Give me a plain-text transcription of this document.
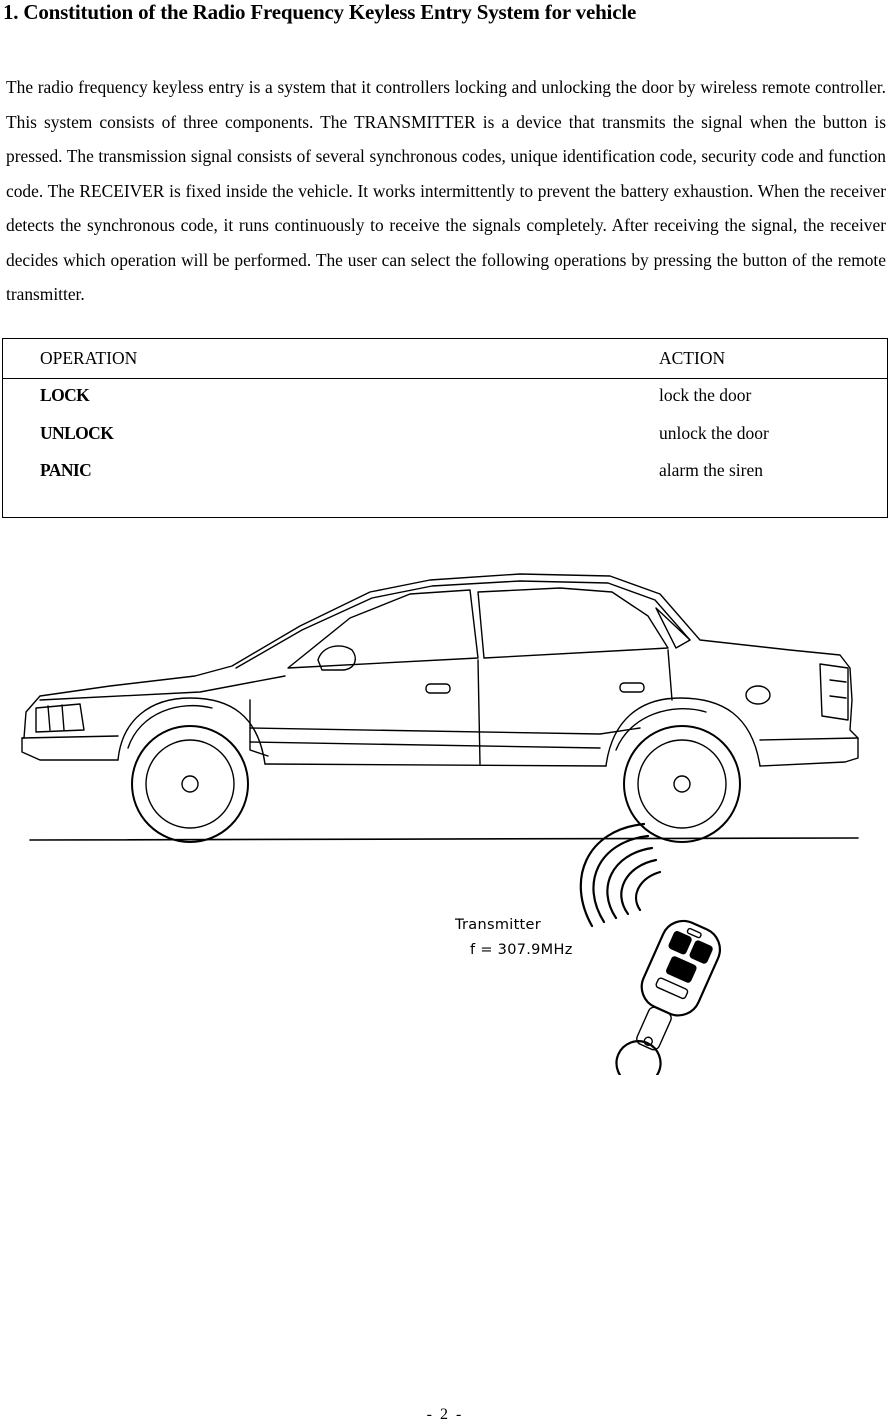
1. Constitution of the Radio Frequency Keyless Entry System for vehicle
The radio frequency keyless entry is a system that it controllers locking and unlocking the door by wireless remote controller. This system consists of three components. The TRANSMITTER is a device that transmits the signal when the button is pressed. The transmission signal consists of several synchronous codes, unique identification code, security code and function code. The RECEIVER is fixed inside the vehicle. It works intermittently to prevent the battery exhaustion. When the receiver detects the synchronous code, it runs continuously to receive the signals completely. After receiving the signal, the receiver decides which operation will be performed. The user can select the following operations by pressing the button of the remote transmitter.
OPERATION	ACTION
LOCK	lock the door
UNLOCK	unlock the door
PANIC	alarm the siren
Transmitter
f = 307.9MHz
- 2 -
